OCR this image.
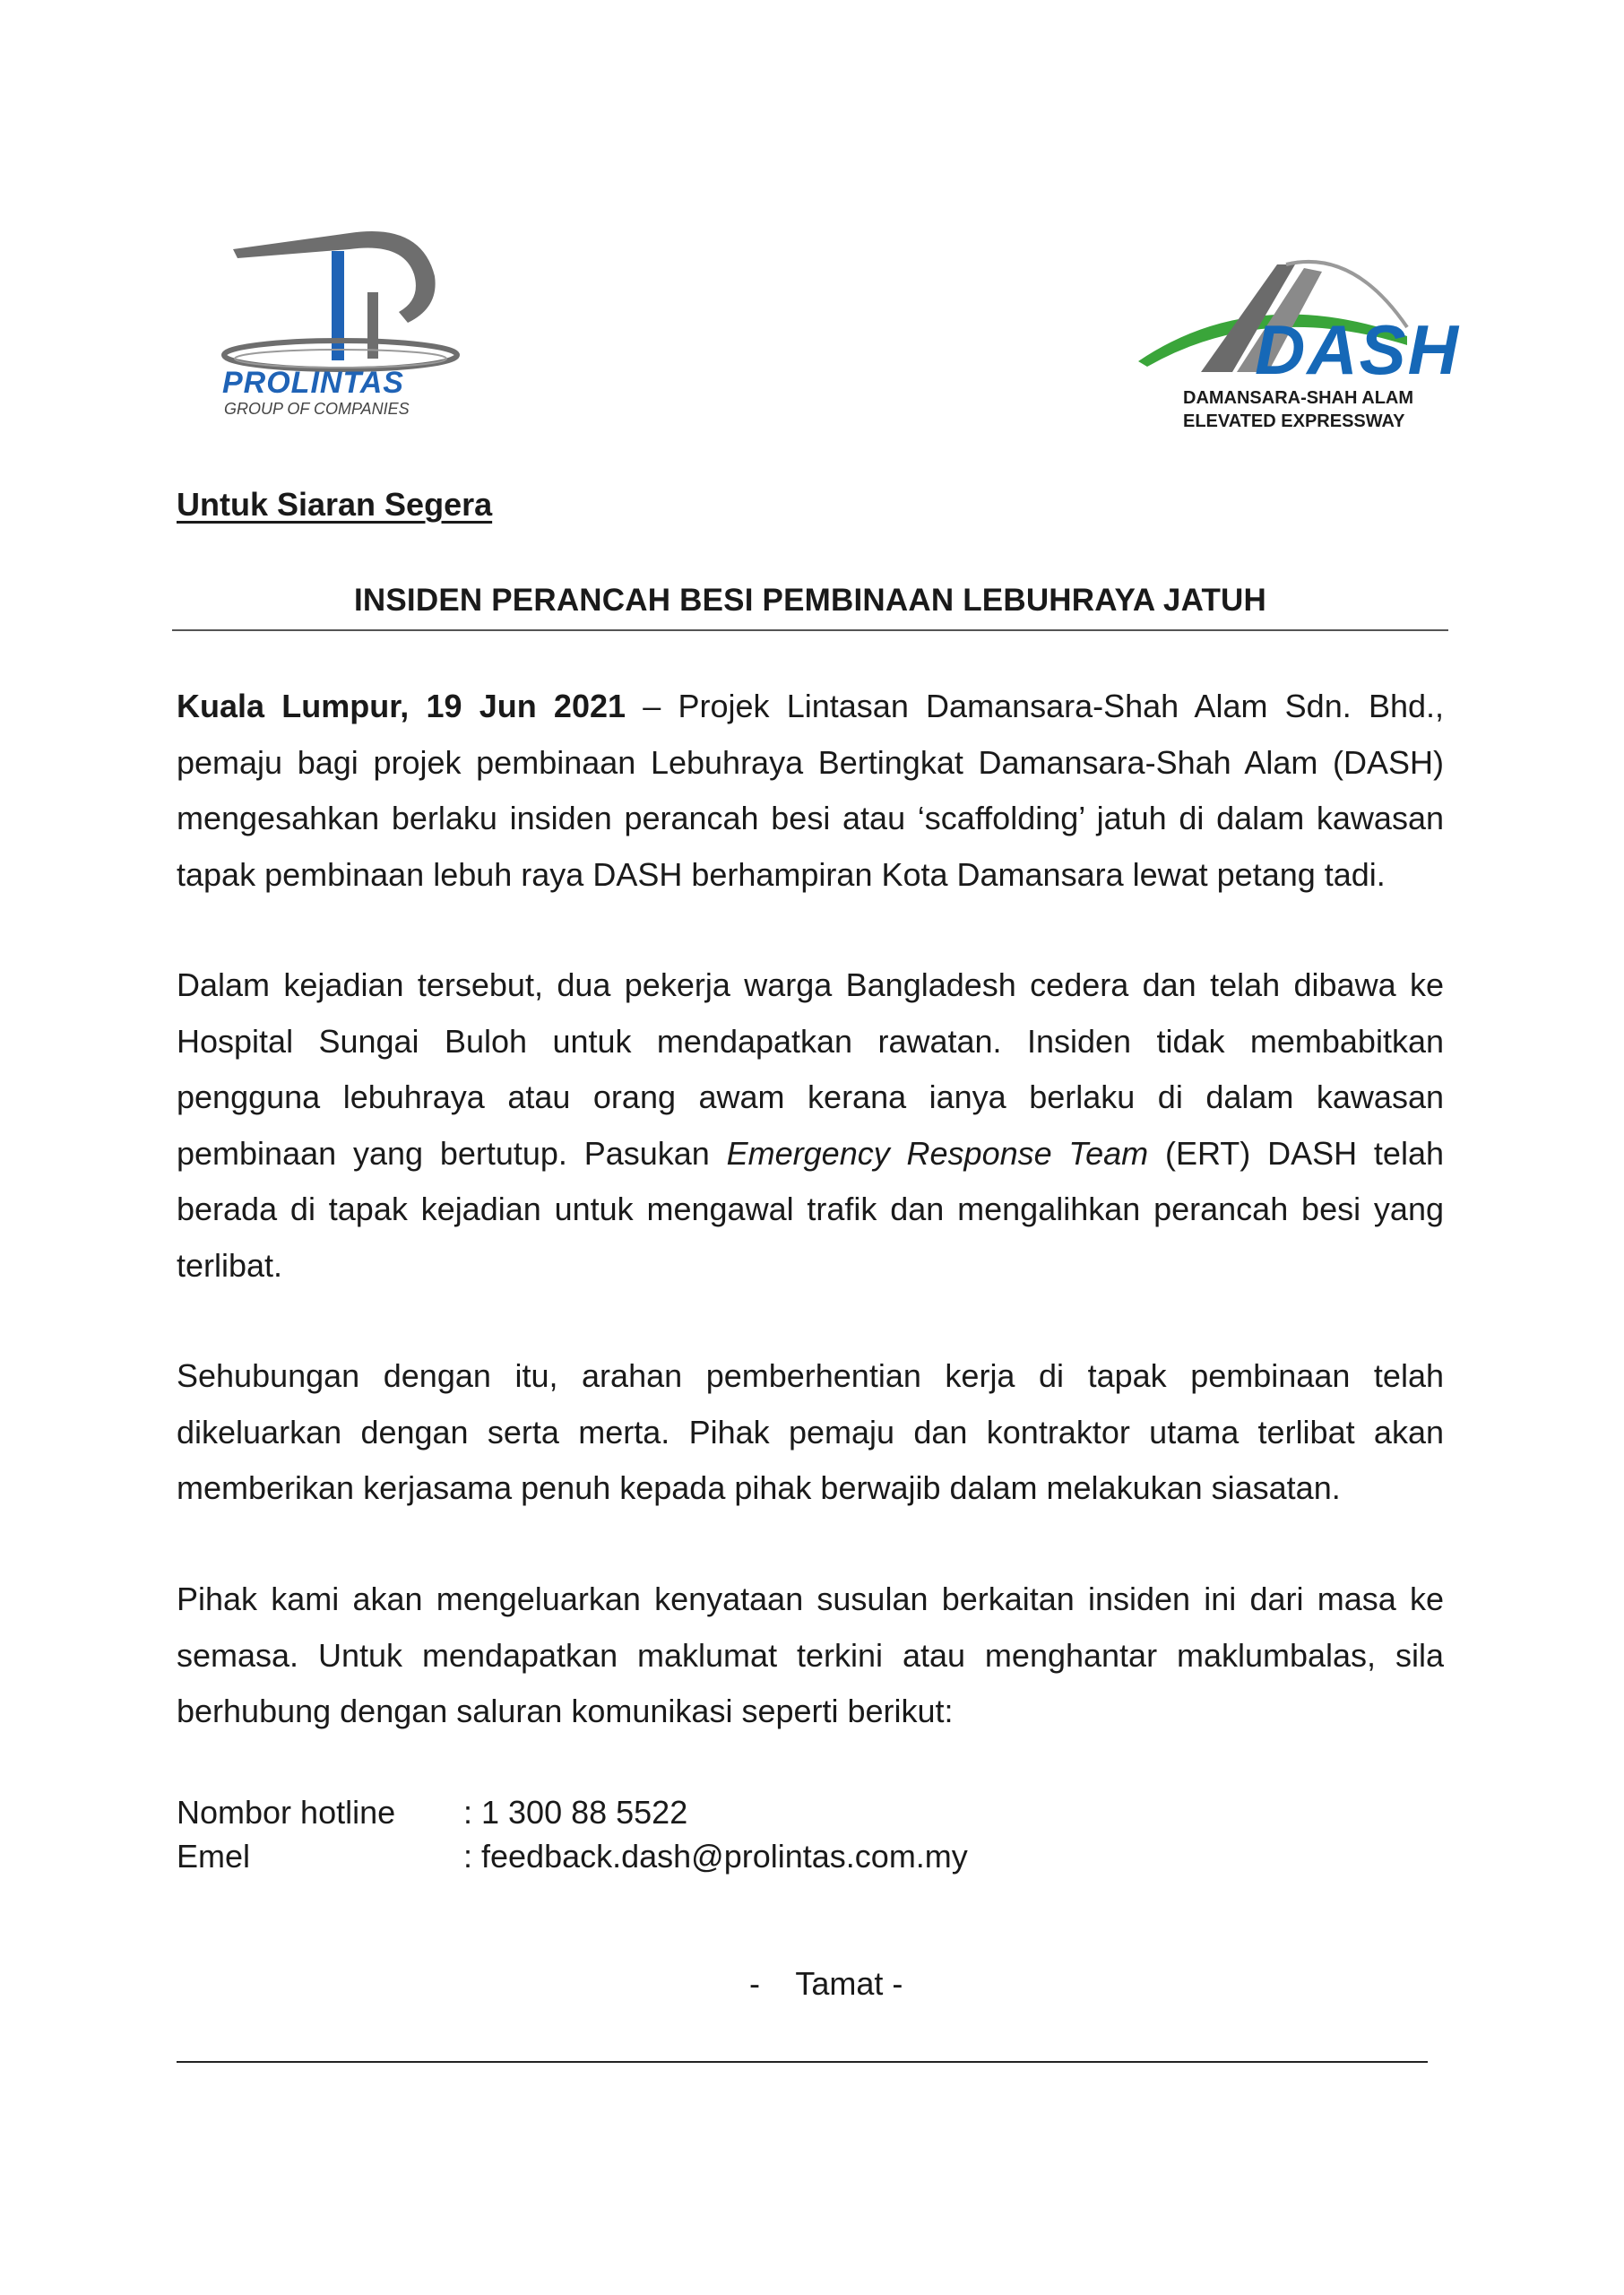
PROLINTAS
GROUP OF COMPANIES
DASH
DAMANSARA-SHAH ALAM
ELEVATED EXPRESSWAY
Untuk Siaran Segera
INSIDEN PERANCAH BESI PEMBINAAN LEBUHRAYA JATUH

Kuala Lumpur, 19 Jun 2021 – Projek Lintasan Damansara-Shah Alam Sdn. Bhd., pemaju bagi projek pembinaan Lebuhraya Bertingkat Damansara-Shah Alam (DASH) mengesahkan berlaku insiden perancah besi atau ‘scaffolding’ jatuh di dalam kawasan tapak pembinaan lebuh raya DASH berhampiran Kota Damansara lewat petang tadi.

Dalam kejadian tersebut, dua pekerja warga Bangladesh cedera dan telah dibawa ke Hospital Sungai Buloh untuk mendapatkan rawatan. Insiden tidak membabitkan pengguna lebuhraya atau orang awam kerana ianya berlaku di dalam kawasan pembinaan yang bertutup. Pasukan Emergency Response Team (ERT) DASH telah berada di tapak kejadian untuk mengawal trafik dan mengalihkan perancah besi yang terlibat.

Sehubungan dengan itu, arahan pemberhentian kerja di tapak pembinaan telah dikeluarkan dengan serta merta. Pihak pemaju dan kontraktor utama terlibat akan memberikan kerjasama penuh kepada pihak berwajib dalam melakukan siasatan.

Pihak kami akan mengeluarkan kenyataan susulan berkaitan insiden ini dari masa ke semasa. Untuk mendapatkan maklumat terkini atau menghantar maklumbalas, sila berhubung dengan saluran komunikasi seperti berikut:

Nombor hotline	: 1 300 88 5522
Emel	: feedback.dash@prolintas.com.my
-    Tamat -
